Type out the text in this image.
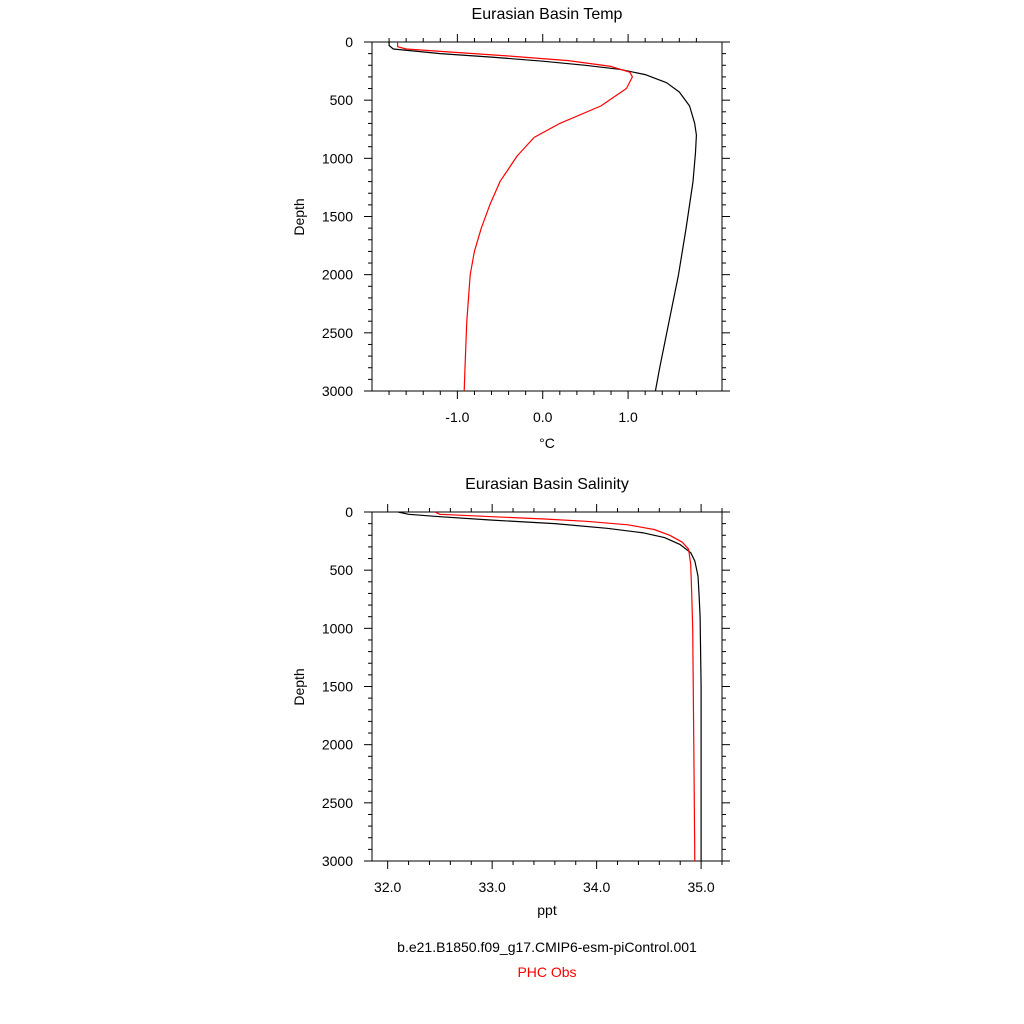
Eurasian Basin Temp
-1.0	0.0	1.0
0
500
1000
1500
2000
2500
3000
°C
Depth
Eurasian Basin Salinity
32.0	33.0	34.0	35.0
0
500
1000
1500
2000
2500
3000
ppt
Depth
b.e21.B1850.f09_g17.CMIP6-esm-piControl.001
PHC Obs
